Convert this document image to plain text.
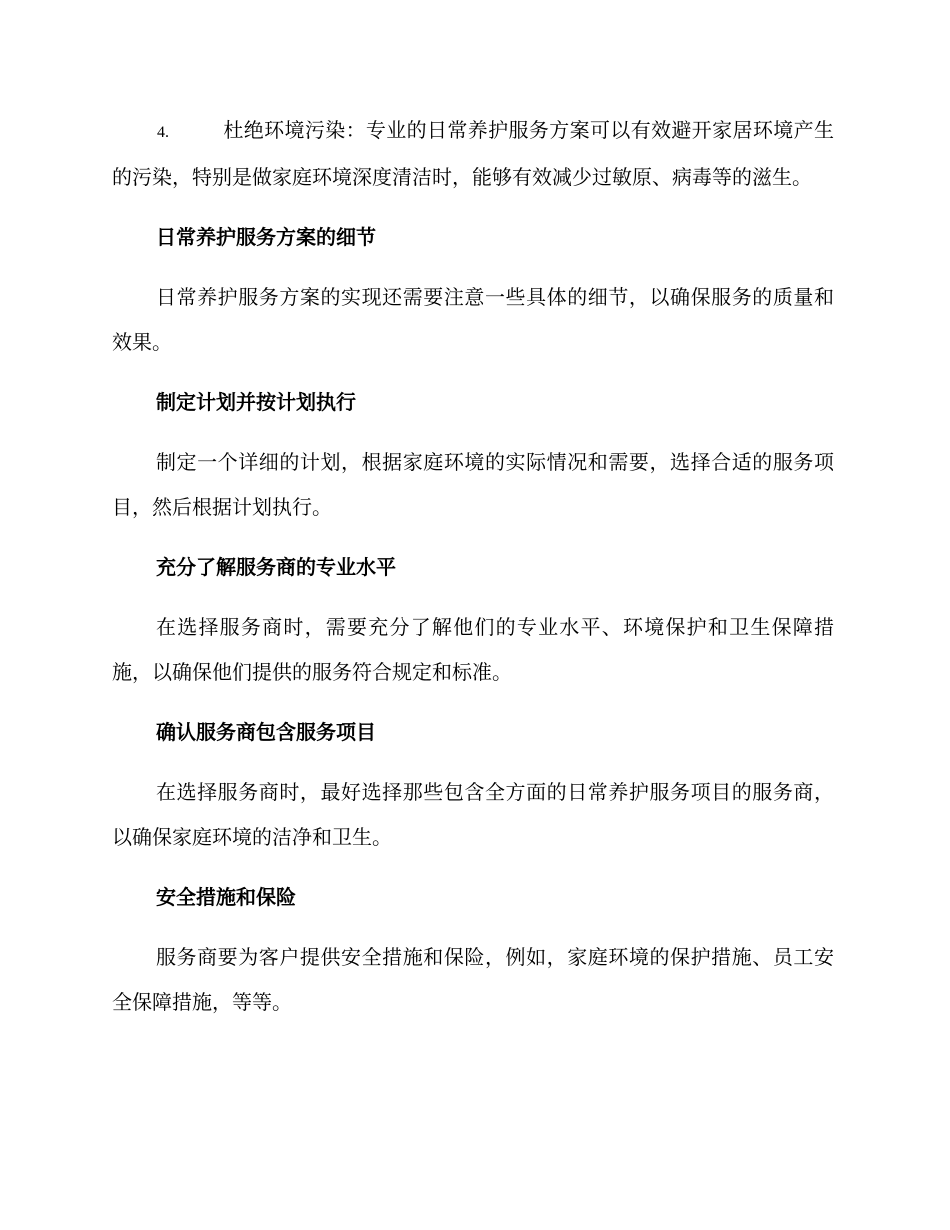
4.	杜绝环境污染：专业的日常养护服务方案可以有效避开家居环境产生的污染，特别是做家庭环境深度清洁时，能够有效减少过敏原、病毒等的滋生。

日常养护服务方案的细节

日常养护服务方案的实现还需要注意一些具体的细节，以确保服务的质量和效果。

制定计划并按计划执行

制定一个详细的计划，根据家庭环境的实际情况和需要，选择合适的服务项目，然后根据计划执行。

充分了解服务商的专业水平

在选择服务商时，需要充分了解他们的专业水平、环境保护和卫生保障措施，以确保他们提供的服务符合规定和标准。

确认服务商包含服务项目

在选择服务商时，最好选择那些包含全方面的日常养护服务项目的服务商，以确保家庭环境的洁净和卫生。

安全措施和保险

服务商要为客户提供安全措施和保险，例如，家庭环境的保护措施、员工安全保障措施，等等。
